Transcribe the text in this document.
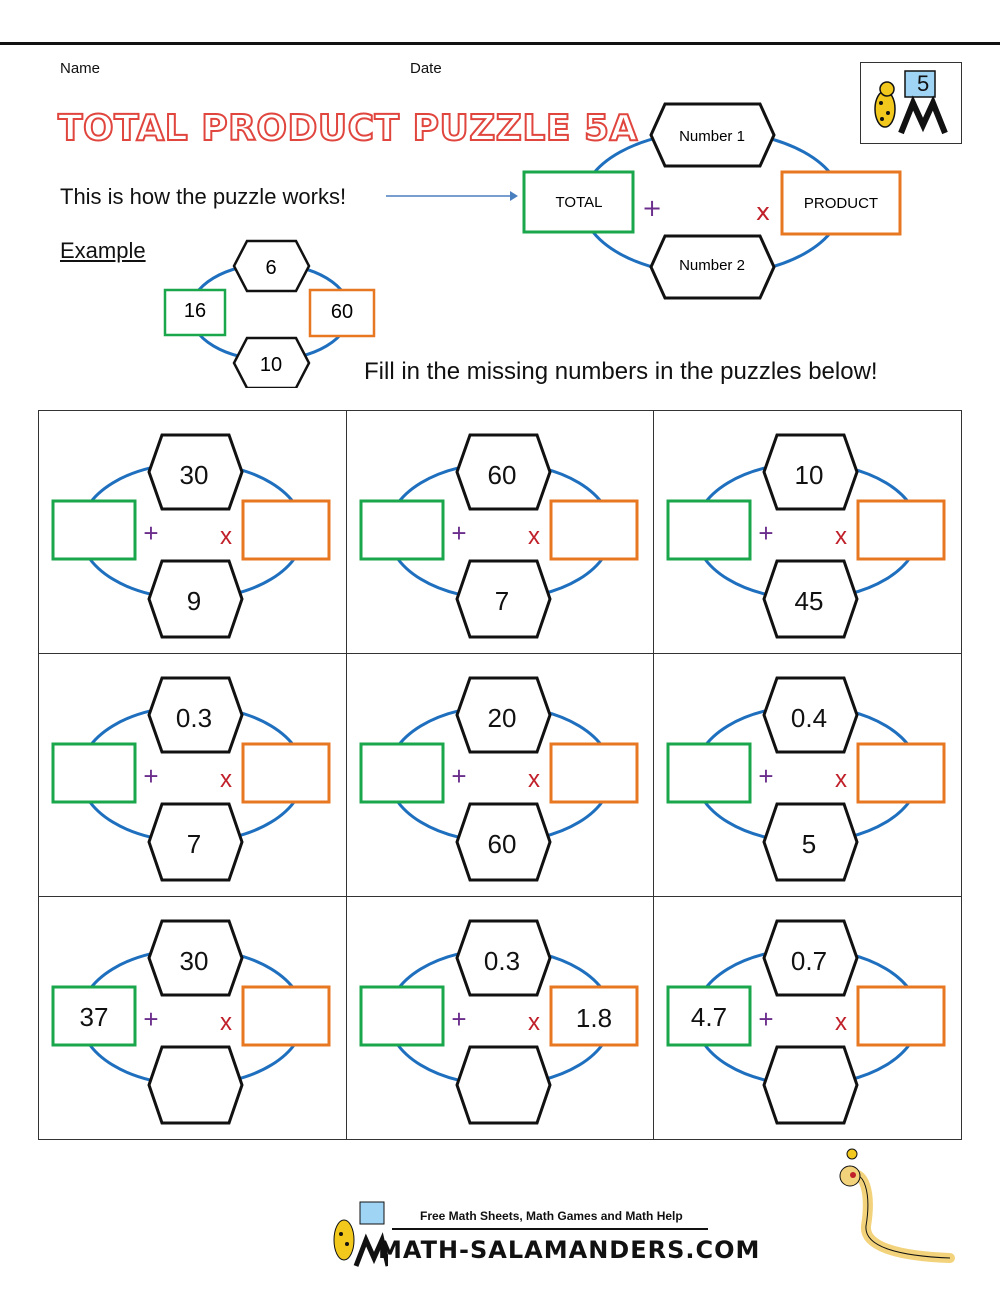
Name	Date
TOTAL PRODUCT PUZZLE 5A
5
This is how the puzzle works!
Example
Number 1
Number 2
TOTAL	PRODUCT
+	x
6
10
16	60
Fill in the missing numbers in the puzzles below!
30
9
+	x
60
7
+	x
10
45
+	x
0.3
7
+	x
20
60
+	x
0.4
5
+	x
30
37 +	x
0.3
1.8
+	x
0.7
4.7 +	x
Free Math Sheets, Math Games and Math Help
MATH-SALAMANDERS.COM
